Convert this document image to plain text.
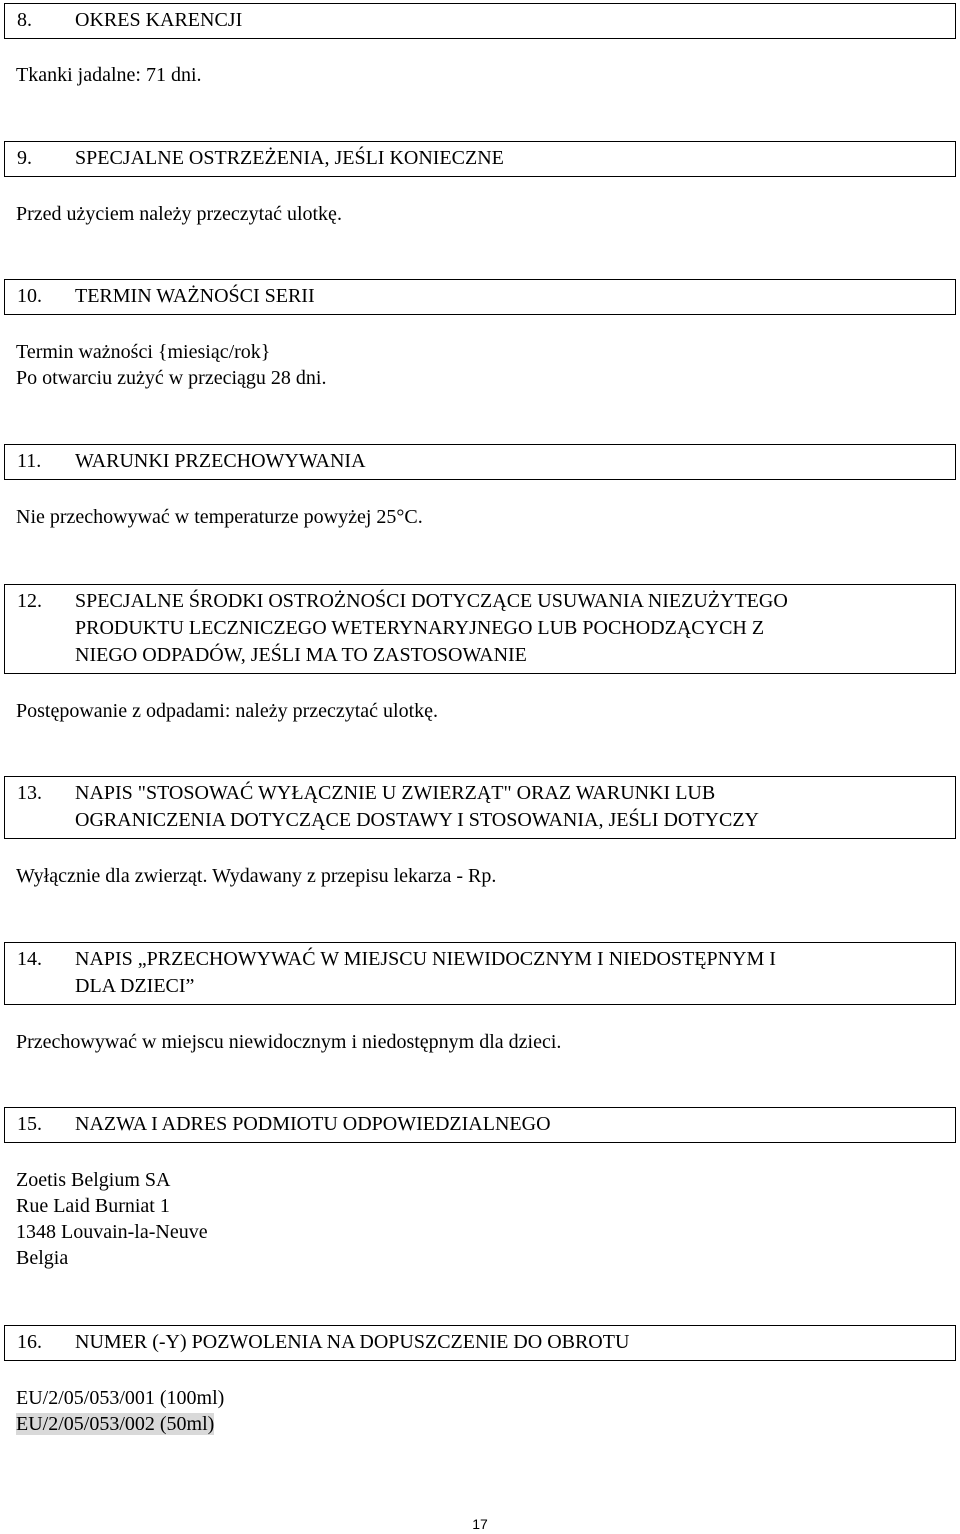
8.	OKRES KARENCJI
Tkanki jadalne: 71 dni.
9.	SPECJALNE OSTRZEŻENIA, JEŚLI KONIECZNE
Przed użyciem należy przeczytać ulotkę.
10.	TERMIN WAŻNOŚCI SERII
Termin ważności {miesiąc/rok}
Po otwarciu zużyć w przeciągu 28 dni.
11.	WARUNKI PRZECHOWYWANIA
Nie przechowywać w temperaturze powyżej 25°C.
12.	SPECJALNE ŚRODKI OSTROŻNOŚCI DOTYCZĄCE USUWANIA NIEZUŻYTEGO
PRODUKTU LECZNICZEGO WETERYNARYJNEGO LUB POCHODZĄCYCH Z
NIEGO ODPADÓW, JEŚLI MA TO ZASTOSOWANIE
Postępowanie z odpadami: należy przeczytać ulotkę.
13.	NAPIS "STOSOWAĆ WYŁĄCZNIE U ZWIERZĄT" ORAZ WARUNKI LUB
OGRANICZENIA DOTYCZĄCE DOSTAWY I STOSOWANIA, JEŚLI DOTYCZY
Wyłącznie dla zwierząt. Wydawany z przepisu lekarza - Rp.
14.	NAPIS „PRZECHOWYWAĆ W MIEJSCU NIEWIDOCZNYM I NIEDOSTĘPNYM I
DLA DZIECI”
Przechowywać w miejscu niewidocznym i niedostępnym dla dzieci.
15.	NAZWA I ADRES PODMIOTU ODPOWIEDZIALNEGO
Zoetis Belgium SA
Rue Laid Burniat 1
1348 Louvain-la-Neuve
Belgia
16.	NUMER (-Y) POZWOLENIA NA DOPUSZCZENIE DO OBROTU
EU/2/05/053/001 (100ml)
EU/2/05/053/002 (50ml)
17
